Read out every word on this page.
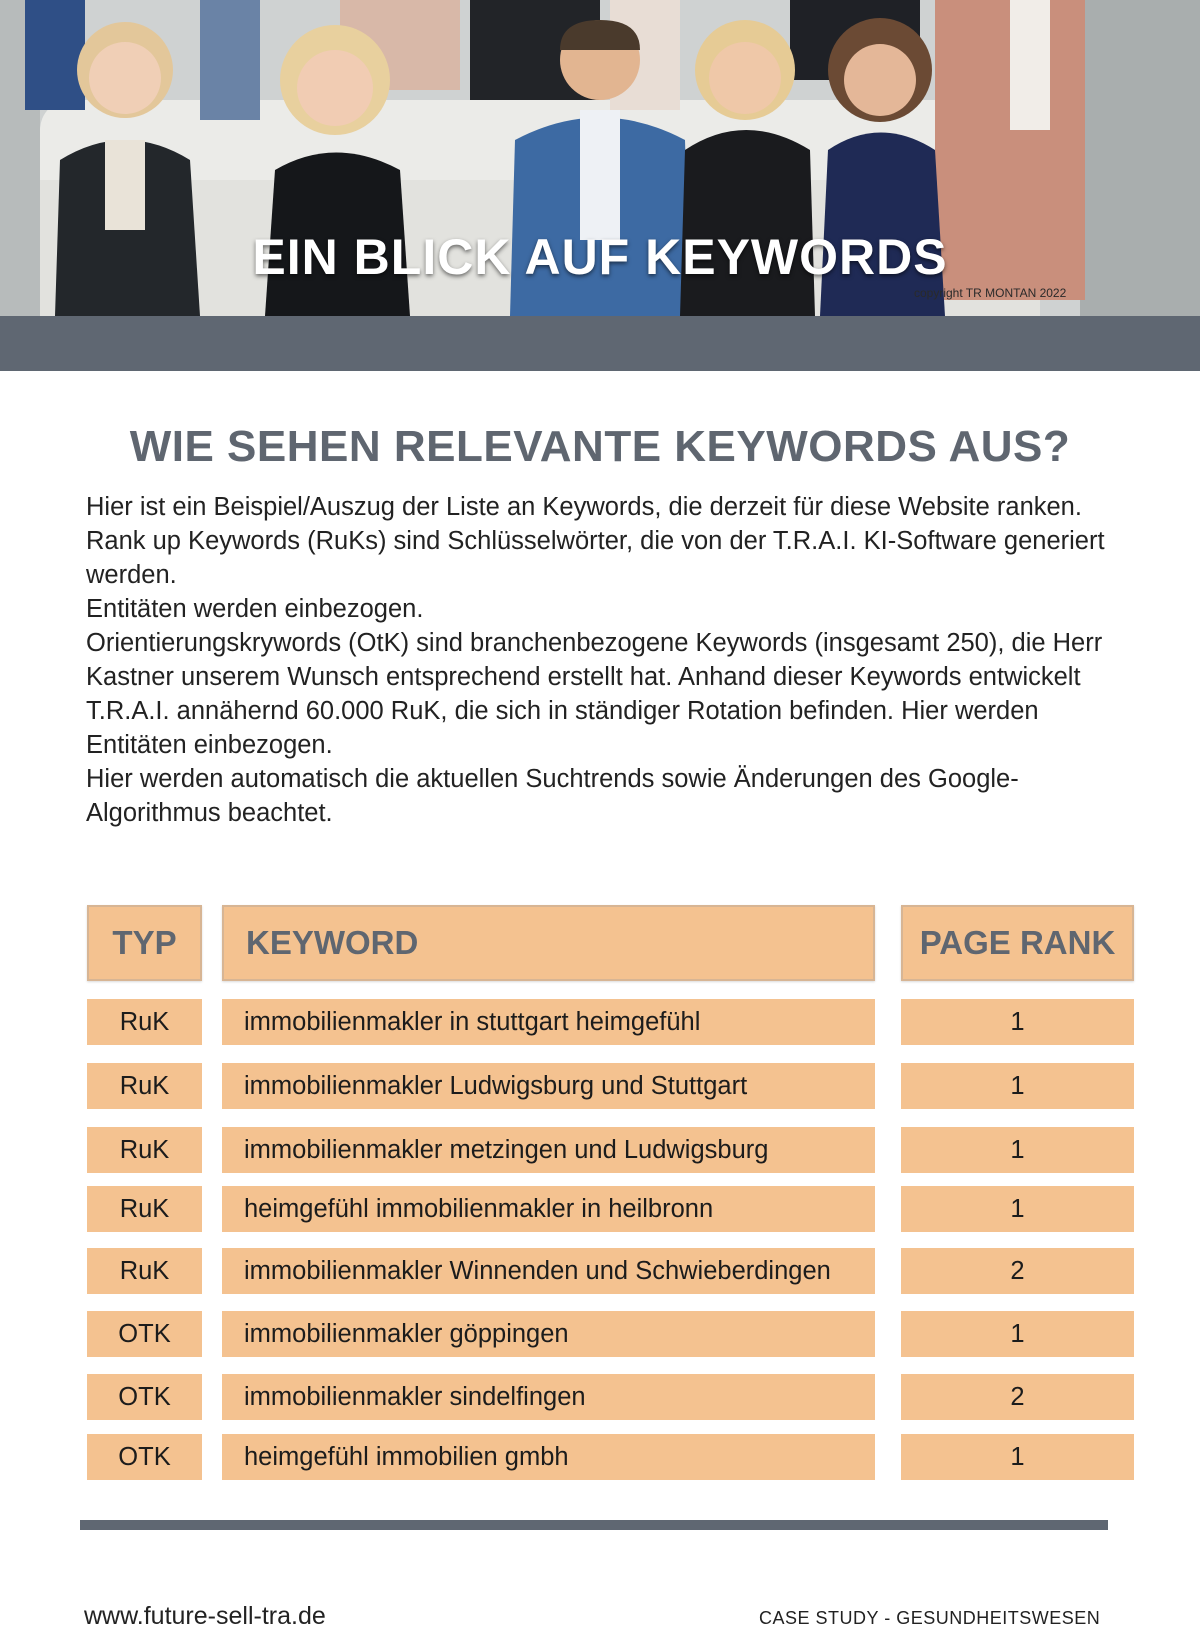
EIN BLICK AUF KEYWORDS
copyright TR MONTAN 2022
WIE SEHEN RELEVANTE KEYWORDS AUS?

Hier ist ein Beispiel/Auszug der Liste an Keywords, die derzeit für diese Website ranken.

Rank up Keywords (RuKs) sind Schlüsselwörter, die von der T.R.A.I. KI-Software generiert werden.

Entitäten werden einbezogen.

Orientierungskrywords (OtK) sind branchenbezogene Keywords (insgesamt 250), die Herr Kastner unserem Wunsch entsprechend erstellt hat. Anhand dieser Keywords entwickelt T.R.A.I. annähernd 60.000 RuK, die sich in ständiger Rotation befinden. Hier werden Entitäten einbezogen.

Hier werden automatisch die aktuellen Suchtrends sowie Änderungen des Google-Algorithmus beachtet.

TYP	KEYWORD	PAGE RANK
RuK	immobilienmakler in stuttgart heimgefühl	1
RuK	immobilienmakler Ludwigsburg und Stuttgart	1
RuK	immobilienmakler metzingen und Ludwigsburg	1
RuK	heimgefühl immobilienmakler in heilbronn	1
RuK	immobilienmakler Winnenden und Schwieberdingen	2
OTK	immobilienmakler göppingen	1
OTK	immobilienmakler sindelfingen	2
OTK	heimgefühl immobilien gmbh	1
www.future-sell-tra.de	CASE STUDY - GESUNDHEITSWESEN
